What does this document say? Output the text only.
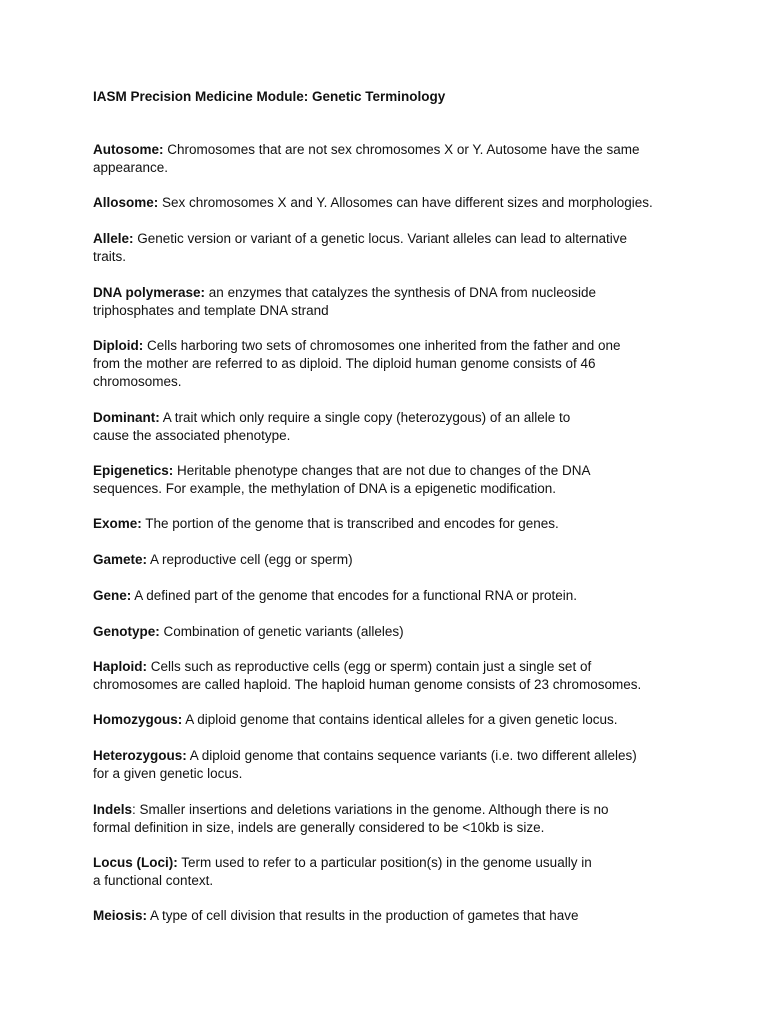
IASM Precision Medicine Module: Genetic Terminology
Autosome: Chromosomes that are not sex chromosomes X or Y. Autosome have the same
appearance.
Allosome: Sex chromosomes X and Y. Allosomes can have different sizes and morphologies.
Allele: Genetic version or variant of a genetic locus. Variant alleles can lead to alternative
traits.
DNA polymerase: an enzymes that catalyzes the synthesis of DNA from nucleoside
triphosphates and template DNA strand
Diploid: Cells harboring two sets of chromosomes one inherited from the father and one
from the mother are referred to as diploid. The diploid human genome consists of 46
chromosomes.
Dominant: A trait which only require a single copy (heterozygous) of an allele to
cause the associated phenotype.
Epigenetics: Heritable phenotype changes that are not due to changes of the DNA
sequences. For example, the methylation of DNA is a epigenetic modification.
Exome: The portion of the genome that is transcribed and encodes for genes.
Gamete: A reproductive cell (egg or sperm)
Gene: A defined part of the genome that encodes for a functional RNA or protein.
Genotype: Combination of genetic variants (alleles)
Haploid: Cells such as reproductive cells (egg or sperm) contain just a single set of
chromosomes are called haploid. The haploid human genome consists of 23 chromosomes.
Homozygous: A diploid genome that contains identical alleles for a given genetic locus.
Heterozygous: A diploid genome that contains sequence variants (i.e. two different alleles)
for a given genetic locus.
Indels: Smaller insertions and deletions variations in the genome. Although there is no
formal definition in size, indels are generally considered to be <10kb is size.
Locus (Loci): Term used to refer to a particular position(s) in the genome usually in
a functional context.
Meiosis: A type of cell division that results in the production of gametes that have
